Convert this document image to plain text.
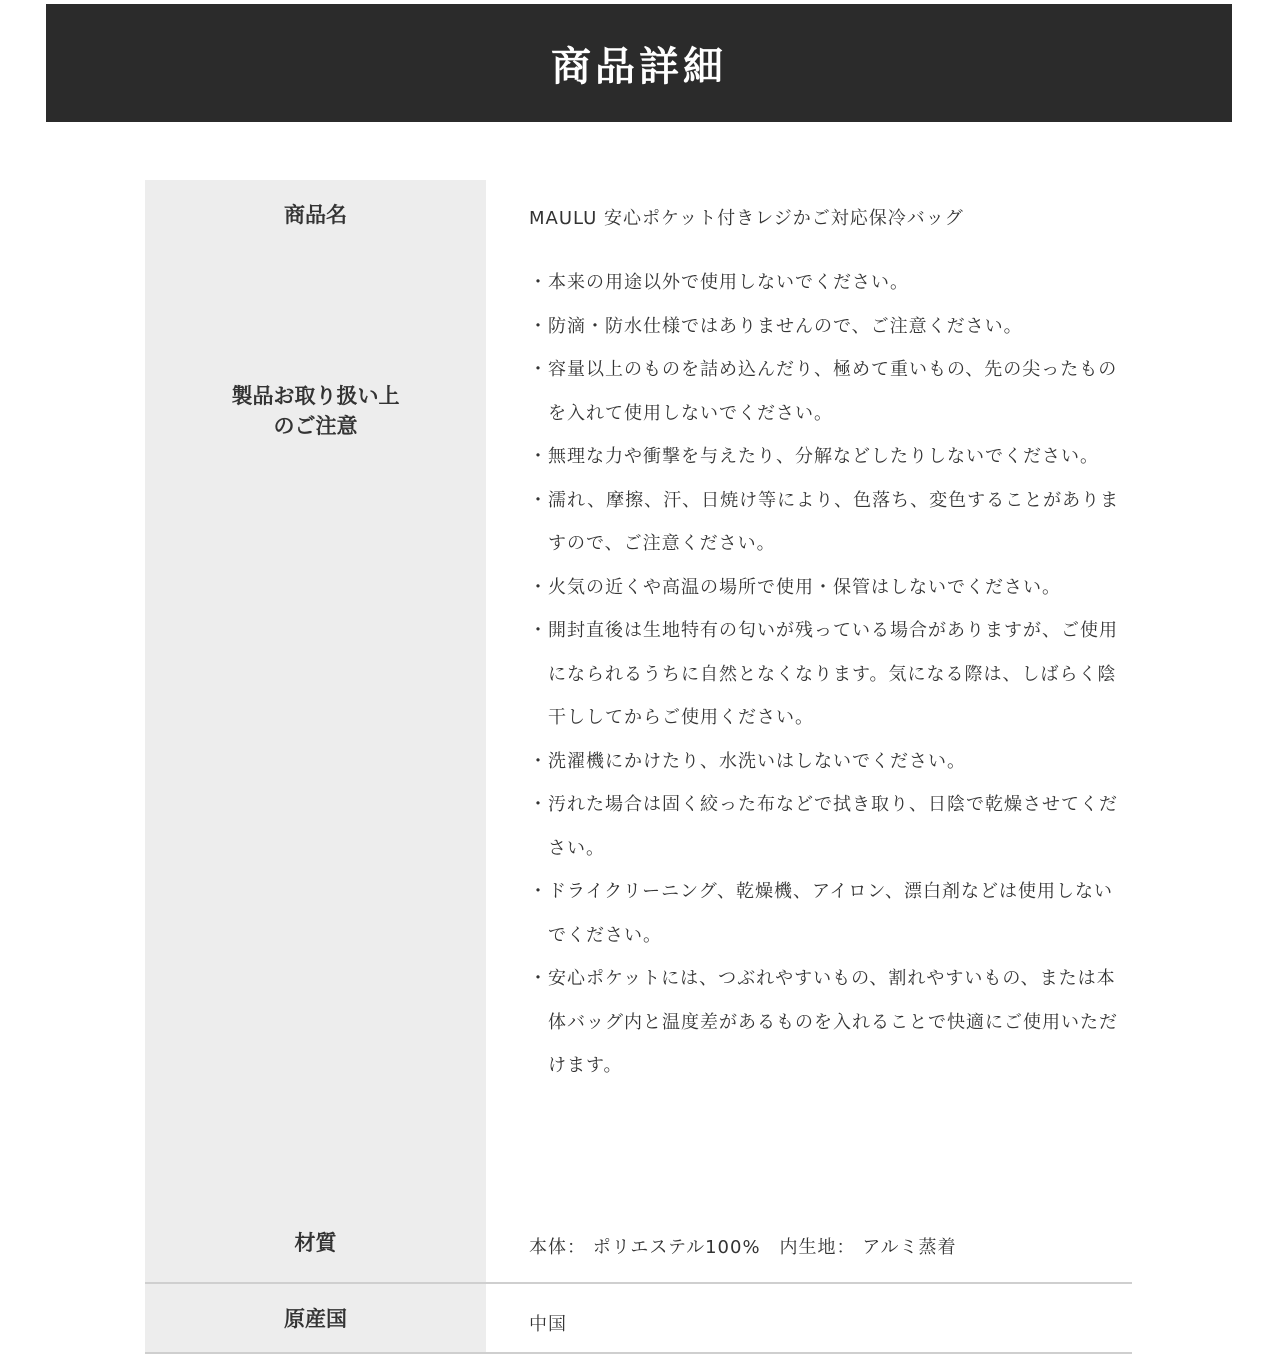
商品詳細
商品名	MAULU 安心ポケット付きレジかご対応保冷バッグ
製品お取り扱い上
のご注意
・ 本来の用途以外で使用しないでください。
・ 防滴・防水仕様ではありませんので、ご注意ください。
・ 容量以上のものを詰め込んだり、極めて重いもの、先の尖ったものを入れて使用しないでください。
・ 無理な力や衝撃を与えたり、分解などしたりしないでください。
・ 濡れ、摩擦、汗、日焼け等により、色落ち、変色することがありますので、ご注意ください。
・ 火気の近くや高温の場所で使用・保管はしないでください。
・ 開封直後は生地特有の匂いが残っている場合がありますが、ご使用になられるうちに自然となくなります。気になる際は、しばらく陰干ししてからご使用ください。
・ 洗濯機にかけたり、水洗いはしないでください。
・ 汚れた場合は固く絞った布などで拭き取り、日陰で乾燥させてください。
・ ドライクリーニング、乾燥機、アイロン、漂白剤などは使用しないでください。
・ 安心ポケットには、つぶれやすいもの、割れやすいもの、または本体バッグ内と温度差があるものを入れることで快適にご使用いただけます。
材質	本体： ポリエステル100%　内生地： アルミ蒸着
原産国	中国
